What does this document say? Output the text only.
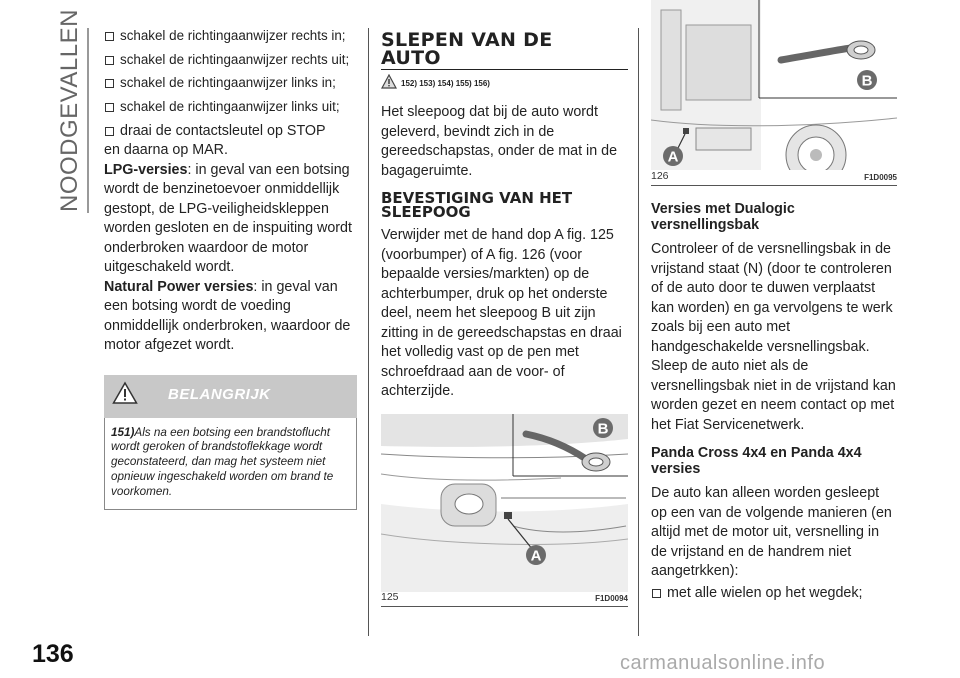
NOODGEVALLEN
136	carmanualsonline.info
schakel de richtingaanwijzer rechts in;
schakel de richtingaanwijzer rechts uit;
schakel de richtingaanwijzer links in;
schakel de richtingaanwijzer links uit;
draai de contactsleutel op STOP
en daarna op MAR.
LPG-versies: in geval van een botsing wordt de benzinetoevoer onmiddellijk gestopt, de LPG-veiligheidskleppen worden gesloten en de inspuiting wordt onderbroken waardoor de motor uitgeschakeld wordt.
Natural Power versies: in geval van een botsing wordt de voeding onmiddellijk onderbroken, waardoor de motor afgezet wordt.
BELANGRIJK
151)Als na een botsing een brandstoflucht wordt geroken of brandstoflekkage wordt geconstateerd, dan mag het systeem niet opnieuw ingeschakeld worden om brand te voorkomen.
SLEPEN VAN DE
AUTO
152) 153) 154) 155) 156)
Het sleepoog dat bij de auto wordt geleverd, bevindt zich in de gereedschapstas, onder de mat in de bagageruimte.
BEVESTIGING VAN HET
SLEEPOOG
Verwijder met de hand dop A fig. 125 (voorbumper) of A fig. 126 (voor bepaalde versies/markten) op de achterbumper, druk op het onderste deel, neem het sleepoog B uit zijn zitting in de gereedschapstas en draai het volledig vast op de pen met schroefdraad aan de voor- of achterzijde.
A
B
125	F1D0094
A
B
126	F1D0095
Versies met Dualogic versnellingsbak
Controleer of de versnellingsbak in de vrijstand staat (N) (door te controleren of de auto door te duwen verplaatst kan worden) en ga vervolgens te werk zoals bij een auto met handgeschakelde versnellingsbak. Sleep de auto niet als de versnellingsbak niet in de vrijstand kan worden gezet en neem contact op met het Fiat Servicenetwerk.
Panda Cross 4x4 en Panda 4x4 versies
De auto kan alleen worden gesleept op een van de volgende manieren (en altijd met de motor uit, versnelling in de vrijstand en de handrem niet aangetrkken):
met alle wielen op het wegdek;
